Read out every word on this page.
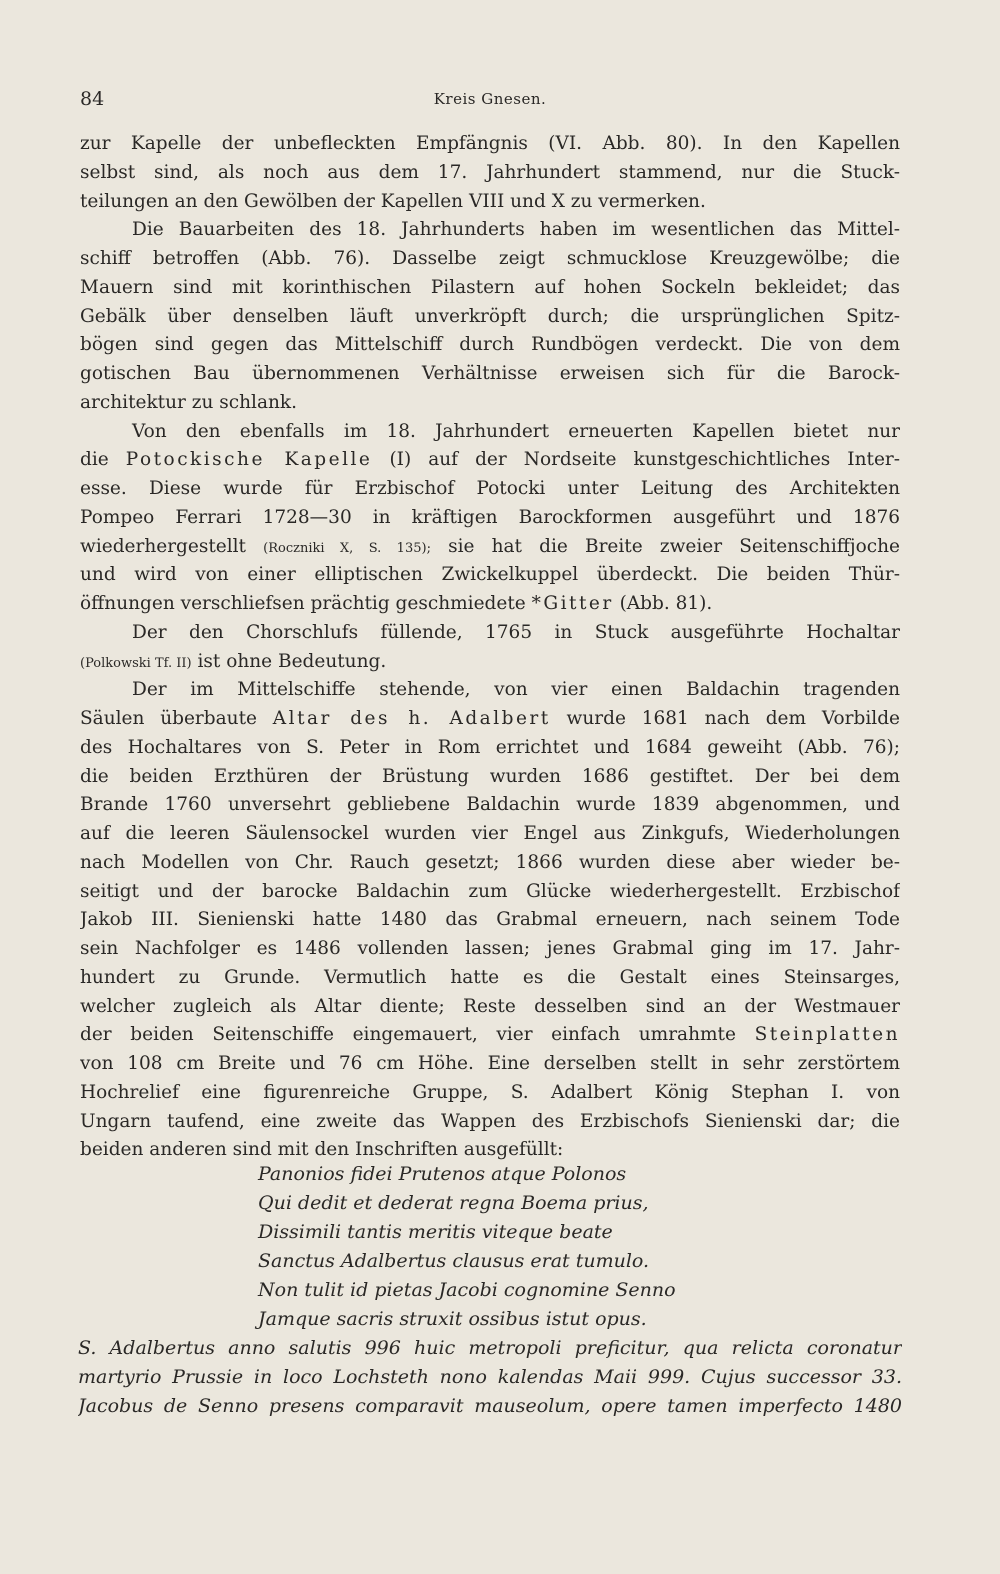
84	Kreis Gnesen.
zur Kapelle der unbefleckten Empfängnis (VI. Abb. 80). In den Kapellen
selbst sind, als noch aus dem 17. Jahrhundert stammend, nur die Stuck-
teilungen an den Gewölben der Kapellen VIII und X zu vermerken.
Die Bauarbeiten des 18. Jahrhunderts haben im wesentlichen das Mittel-
schiff betroffen (Abb. 76). Dasselbe zeigt schmucklose Kreuzgewölbe; die
Mauern sind mit korinthischen Pilastern auf hohen Sockeln bekleidet; das
Gebälk über denselben läuft unverkröpft durch; die ursprünglichen Spitz-
bögen sind gegen das Mittelschiff durch Rundbögen verdeckt. Die von dem
gotischen Bau übernommenen Verhältnisse erweisen sich für die Barock-
architektur zu schlank.
Von den ebenfalls im 18. Jahrhundert erneuerten Kapellen bietet nur
die Potockische Kapelle (I) auf der Nordseite kunstgeschichtliches Inter-
esse. Diese wurde für Erzbischof Potocki unter Leitung des Architekten
Pompeo Ferrari 1728—30 in kräftigen Barockformen ausgeführt und 1876
wiederhergestellt (Roczniki X, S. 135); sie hat die Breite zweier Seitenschiffjoche
und wird von einer elliptischen Zwickelkuppel überdeckt. Die beiden Thür-
öffnungen verschliefsen prächtig geschmiedete *Gitter (Abb. 81).
Der den Chorschlufs füllende, 1765 in Stuck ausgeführte Hochaltar
(Polkowski Tf. II) ist ohne Bedeutung.
Der im Mittelschiffe stehende, von vier einen Baldachin tragenden
Säulen überbaute Altar des h. Adalbert wurde 1681 nach dem Vorbilde
des Hochaltares von S. Peter in Rom errichtet und 1684 geweiht (Abb. 76);
die beiden Erzthüren der Brüstung wurden 1686 gestiftet. Der bei dem
Brande 1760 unversehrt gebliebene Baldachin wurde 1839 abgenommen, und
auf die leeren Säulensockel wurden vier Engel aus Zinkgufs, Wiederholungen
nach Modellen von Chr. Rauch gesetzt; 1866 wurden diese aber wieder be-
seitigt und der barocke Baldachin zum Glücke wiederhergestellt. Erzbischof
Jakob III. Sienienski hatte 1480 das Grabmal erneuern, nach seinem Tode
sein Nachfolger es 1486 vollenden lassen; jenes Grabmal ging im 17. Jahr-
hundert zu Grunde. Vermutlich hatte es die Gestalt eines Steinsarges,
welcher zugleich als Altar diente; Reste desselben sind an der Westmauer
der beiden Seitenschiffe eingemauert, vier einfach umrahmte Steinplatten
von 108 cm Breite und 76 cm Höhe. Eine derselben stellt in sehr zerstörtem
Hochrelief eine figurenreiche Gruppe, S. Adalbert König Stephan I. von
Ungarn taufend, eine zweite das Wappen des Erzbischofs Sienienski dar; die
beiden anderen sind mit den Inschriften ausgefüllt:
Panonios fidei Prutenos atque Polonos
Qui dedit et dederat regna Boema prius,
Dissimili tantis meritis viteque beate
Sanctus Adalbertus clausus erat tumulo.
Non tulit id pietas Jacobi cognomine Senno
Jamque sacris struxit ossibus istut opus.
S. Adalbertus anno salutis 996 huic metropoli preficitur, qua relicta coronatur
martyrio Prussie in loco Lochsteth nono kalendas Maii 999. Cujus successor 33.
Jacobus de Senno presens comparavit mauseolum, opere tamen imperfecto 1480
